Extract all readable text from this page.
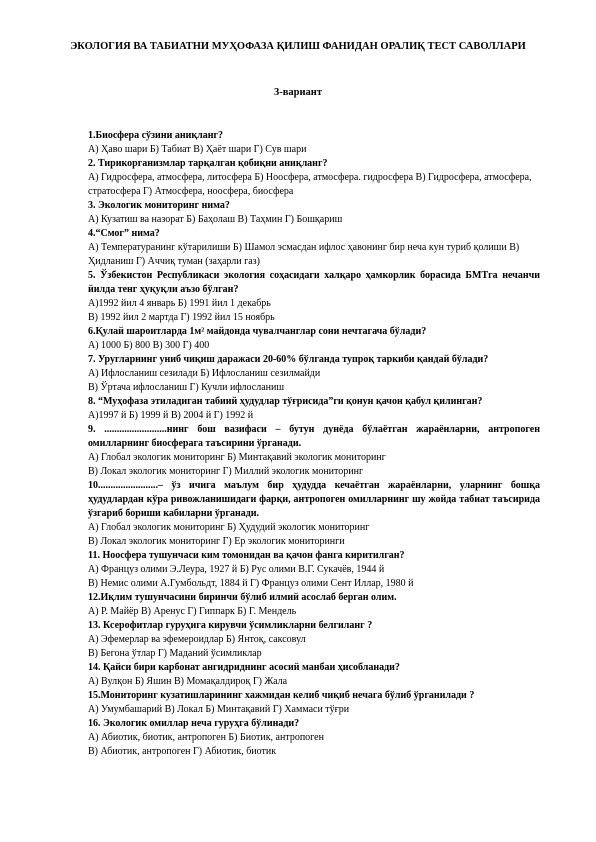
ЭКОЛОГИЯ ВА ТАБИАТНИ МУҲОФАЗА ҚИЛИШ ФАНИДАН ОРАЛИҚ ТЕСТ САВОЛЛАРИ
3-вариант
1.Биосфера сўзини аниқланг?
А) Ҳаво шари Б) Табиат В) Ҳаёт шари Г) Сув шари
2. Тирикорганизмлар тарқалган қобиқни аниқланг?
А) Гидросфера, атмосфера, литосфера Б) Ноосфера, атмосфера. гидросфера В) Гидросфера, атмосфера, стратосфера Г) Атмосфера, ноосфера, биосфера
3. Экологик мониторинг нима?
А) Кузатиш ва назорат Б) Баҳолаш В) Таҳмин Г) Бошқариш
4.“Смог” нима?
А) Температуранинг кўтарилиши Б) Шамол эсмасдан ифлос ҳавонинг бир неча кун туриб қолиши В) Ҳидланиш Г) Аччиқ туман (заҳарли газ)
5. Ўзбекистон Республикаси экология соҳасидаги халқаро ҳамкорлик борасида БМТга нечанчи йилда тенг ҳуқуқли аъзо бўлган?
А)1992 йил 4 январь Б) 1991 йил 1 декабрь
В) 1992 йил 2 мартда Г) 1992 йил 15 ноябрь
6.Қулай шароитларда 1м² майдонда чувалчанглар сони нечтагача бўлади?
А) 1000 Б) 800 В) 300 Г) 400
7. Уругларнинг униб чиқиш даражаси 20-60% бўлганда тупроқ таркиби қандай бўлади?
А) Ифлосланиш сезилади Б) Ифлосланиш сезилмайди
В) Ўртача ифлосланиш Г) Кучли ифлосланиш
8. “Муҳофаза этиладиган табиий ҳудудлар тўғрисида”ги қонун қачон қабул қилинган?
А)1997 й Б) 1999 й В) 2004 й Г) 1992 й
9. .........................нинг бош вазифаси – бутун дунёда бўлаётган жараёнларни, антропоген омилларнинг биосферага таъсирини ўрганади.
А) Глобал экологик мониторинг Б) Минтақавий экологик мониторинг
В) Локал экологик мониторинг Г) Миллий экологик мониторинг
10........................– ўз ичига маълум бир ҳудудда кечаётган жараёнларни, уларнинг бошқа ҳудудлардан кўра ривожланишидаги фарқи, антропоген омилларнинг шу жойда табиат таъсирида ўзгариб бориши кабиларни ўрганади.
А) Глобал экологик мониторинг Б) Ҳудудий экологик мониторинг
В) Локал экологик мониторинг Г) Ер экологик мониторинги
11. Ноосфера тушунчаси ким томонидан ва қачон фанга киритилган?
А) Француз олими Э.Леура, 1927 й Б) Рус олими В.Г. Сукачёв, 1944 й
В) Немис олими А.Гумбольдт, 1884 й Г) Француз олими Сент Иллар, 1980 й
12.Иқлим тушунчасини биринчи бўлиб илмий асослаб берган олим.
А) Р. Майёр В) Аренус Г) Гиппарк Б) Г. Мендель
13. Ксерофитлар гуруҳига кирувчи ўсимликларни белгиланг ?
А) Эфемерлар ва эфемероидлар Б) Янтоқ, саксовул
В) Бегона ўтлар Г) Маданий ўсимликлар
14. Қайси бири карбонат ангидриднинг асосий манбаи ҳисобланади?
А) Вулқон Б) Яшин В) Момақалдироқ Г) Жала
15.Мониторинг кузатишларининг хажмидан келиб чиқиб нечага бўлиб ўрганилади ?
А) Умумбашарий В) Локал Б) Минтақавий Г) Хаммаси тўғри
16. Экологик омиллар неча гуруҳга бўлинади?
А) Абиотик, биотик, антропоген Б) Биотик, антропоген
В) Абиотик, антропоген Г) Абиотик, биотик
